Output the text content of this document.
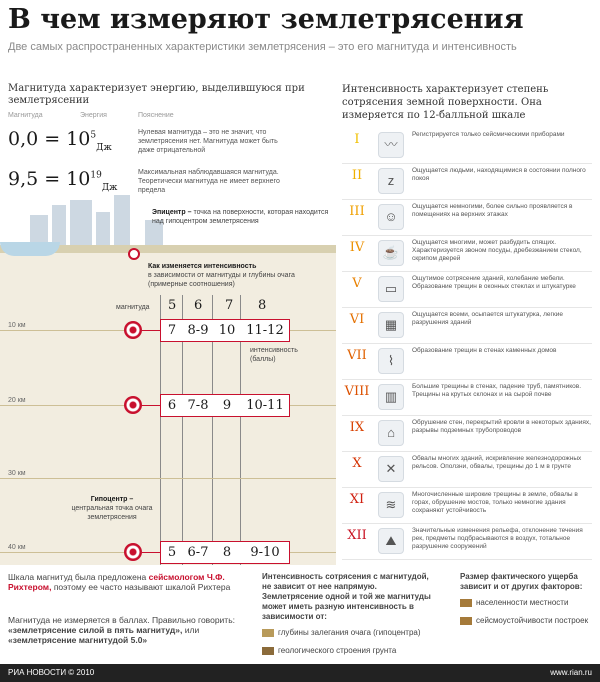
В чем измеряют землетрясения
Две самых распространенных характеристики землетрясения – это его магнитуда и интенсивность
Магнитуда характеризует энергию, выделившуюся при землетрясении
Магнитуда	Энергия	Пояснение
$0,0 = 10^5_{Дж}$
Нулевая магнитуда – это не значит, что землетрясения нет. Магнитуда может быть даже отрицательной
$9,5 = 10^{19}_{Дж}$
Максимальная наблюдавшаяся магнитуда. Теоретически магнитуда не имеет верхнего предела
Интенсивность характеризует степень сотрясения земной поверхности. Она измеряется по 12-балльной шкале
Эпицентр – точка на поверхности, которая находится над гипоцентром землетрясения
Как изменяется интенсивность
в зависимости от магнитуды и глубины очага (примерные соотношения)
магнитуда 5 6 7 8
10 км
20 км
30 км
40 км
7 8-9 10 11-12
интенсивность (баллы)
6 7-8	9	10-11
Гипоцентр –
центральная точка очага землетрясения
5 6-7	8	9-10
I	〰
Регистрируется только сейсмическими приборами
II	z
Ощущается людьми, находящимися в состоянии полного покоя
III	☺
Ощущается немногими, более сильно проявляется в помещениях на верхних этажах
IV	☕
Ощущается многими, может разбудить спящих. Характеризуется звоном посуды, дребезжанием стекол, скрипом дверей
V	▭
Ощутимое сотрясение зданий, колебание мебели. Образование трещин в оконных стеклах и штукатурке
VI	▦
Ощущается всеми, осыпается штукатурка, легкие разрушения зданий
VII	⌇
Образование трещин в стенах каменных домов
VIII	▥
Большие трещины в стенах, падение труб, памятников. Трещины на крутых склонах и на сырой почве
IX	⌂
Обрушение стен, перекрытий кровли в некоторых зданиях, разрывы подземных трубопроводов
X	✕
Обвалы многих зданий, искривление железнодорожных рельсов. Оползни, обвалы, трещины до 1 м в грунте
XI	≋
Многочисленные широкие трещины в земле, обвалы в горах, обрушение мостов, только немногие здания сохраняют устойчивость
XII	⛰
Значительные изменения рельефа, отклонение течения рек, предметы подбрасываются в воздух, тотальное разрушение сооружений
Шкала магнитуд была предложена сейсмологом Ч.Ф. Рихтером, поэтому ее часто называют шкалой Рихтера
Магнитуда не измеряется в баллах. Правильно говорить: «землетрясение силой в пять магнитуд», или «землетрясение магнитудой 5.0»
Интенсивность сотрясения с магнитудой, не зависит от нее напрямую. Землетрясение одной и той же магнитуды может иметь разную интенсивность в зависимости от:
глубины залегания очага (гипоцентра)
геологического строения грунта
Размер фактического ущерба зависит и от других факторов:
населенности местности
сейсмоустойчивости построек
РИА НОВОСТИ © 2010	www.rian.ru
